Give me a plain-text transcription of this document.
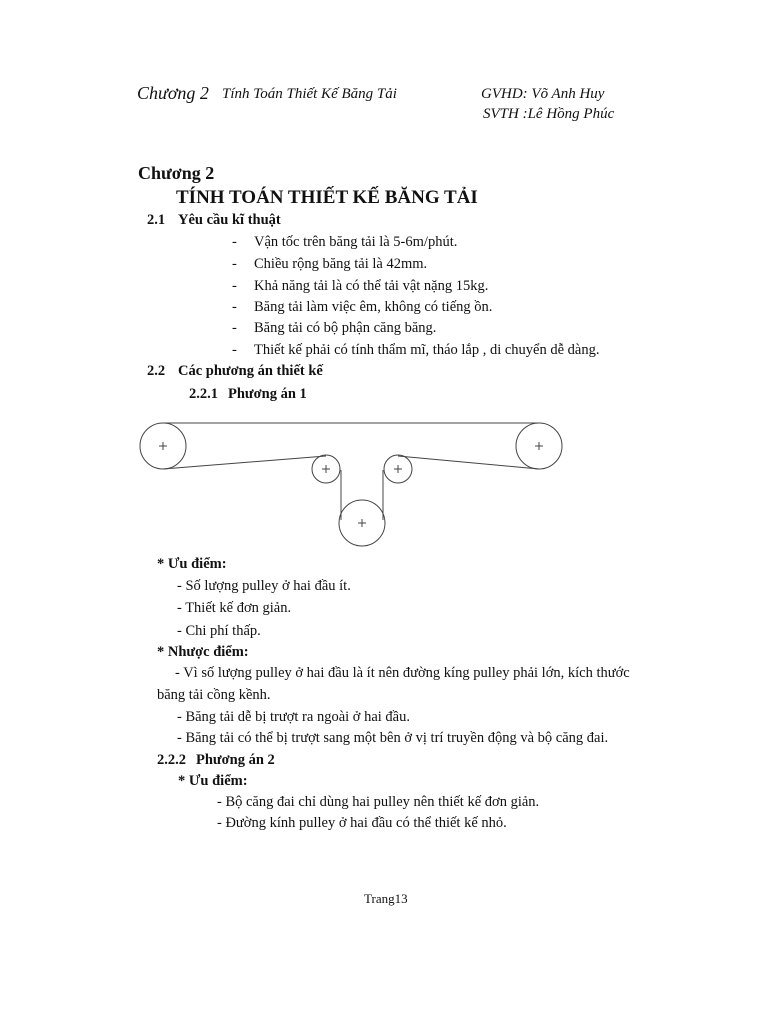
Chương 2 Tính Toán Thiết Kế Băng Tải	GVHD: Võ Anh Huy
SVTH :Lê Hồng Phúc
Chương 2
TÍNH TOÁN THIẾT KẾ BĂNG TẢI
2.1 Yêu cầu kĩ thuật
- Vận tốc trên băng tải là 5-6m/phút.
- Chiều rộng băng tải là 42mm.
- Khả năng tải là có thể tải vật nặng 15kg.
- Băng tải làm việc êm, không có tiếng ồn.
- Băng tải có bộ phận căng băng.
- Thiết kế phải có tính thẩm mĩ, tháo lắp , di chuyển dễ dàng.
2.2 Các phương án thiết kế
2.2.1 Phương án 1
* Ưu điểm:
- Số lượng pulley ở hai đầu ít.
- Thiết kế đơn giản.
- Chi phí thấp.
* Nhược điểm:
- Vì số lượng pulley ở hai đầu là ít nên đường kíng pulley phải lớn, kích thước
băng tải cồng kềnh.
- Băng tải dễ bị trượt ra ngoài ở hai đầu.
- Băng tải có thể bị trượt sang một bên ở vị trí truyền động và bộ căng đai.
2.2.2 Phương án 2
* Ưu điểm:
- Bộ căng đai chỉ dùng hai pulley nên thiết kế đơn giản.
- Đường kính pulley ở hai đầu có thể thiết kế nhỏ.
Trang13
